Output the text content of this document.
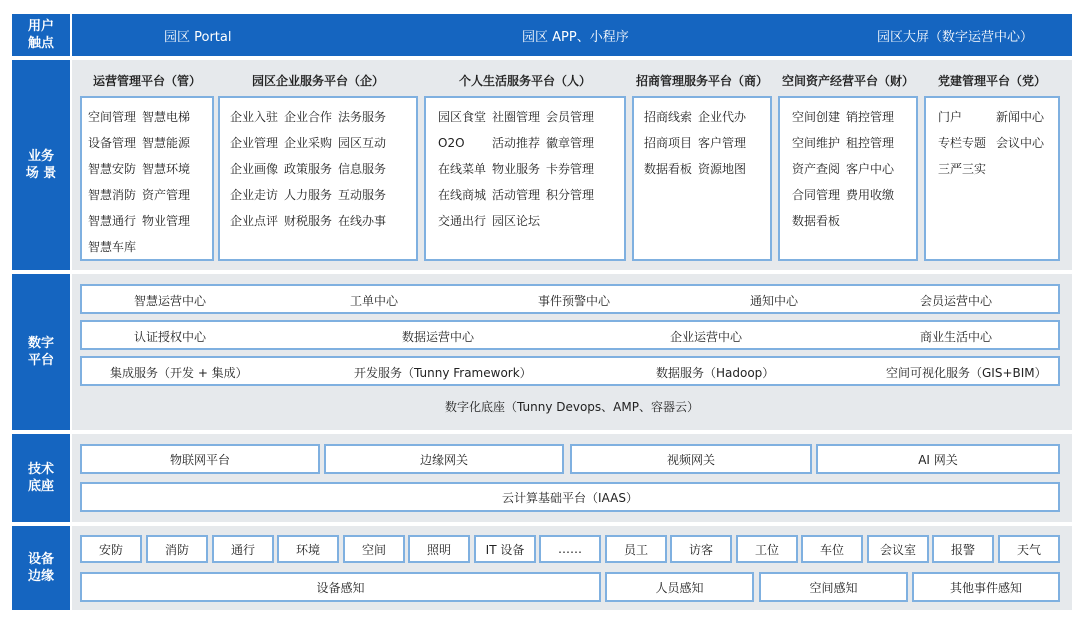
用户
触点
业务
场 景
数字
平台
技术
底座
设备
边缘
园区 Portal	园区 APP、小程序	园区大屏（数字运营中心）
运营管理平台（管）
空间管理 智慧电梯
设备管理 智慧能源
智慧安防 智慧环境
智慧消防 资产管理
智慧通行 物业管理
智慧车库
园区企业服务平台（企）
企业入驻 企业合作 法务服务
企业管理 企业采购 园区互动
企业画像 政策服务 信息服务
企业走访 人力服务 互动服务
企业点评 财税服务 在线办事
个人生活服务平台（人）
园区食堂 社圈管理 会员管理
O2O	活动推荐 徽章管理
在线菜单 物业服务 卡券管理
在线商城 活动管理 积分管理
交通出行 园区论坛
招商管理服务平台（商）
招商线索 企业代办
招商项目 客户管理
数据看板 资源地图
空间资产经营平台（财）
空间创建 销控管理
空间维护 租控管理
资产查阅 客户中心
合同管理 费用收缴
数据看板
党建管理平台（党）
门户	新闻中心
专栏专题 会议中心
三严三实
智慧运营中心	工单中心	事件预警中心	通知中心	会员运营中心
认证授权中心	数据运营中心	企业运营中心	商业生活中心
集成服务（开发 + 集成）	开发服务（Tunny Framework）	数据服务（Hadoop）	空间可视化服务（GIS+BIM）
数字化底座（Tunny Devops、AMP、容器云）
物联网平台	边缘网关	视频网关	AI 网关
云计算基础平台（IAAS）
安防	消防	通行	环境	空间	照明	IT 设备	……	员工	访客	工位	车位	会议室	报警	天气
设备感知	人员感知	空间感知	其他事件感知
